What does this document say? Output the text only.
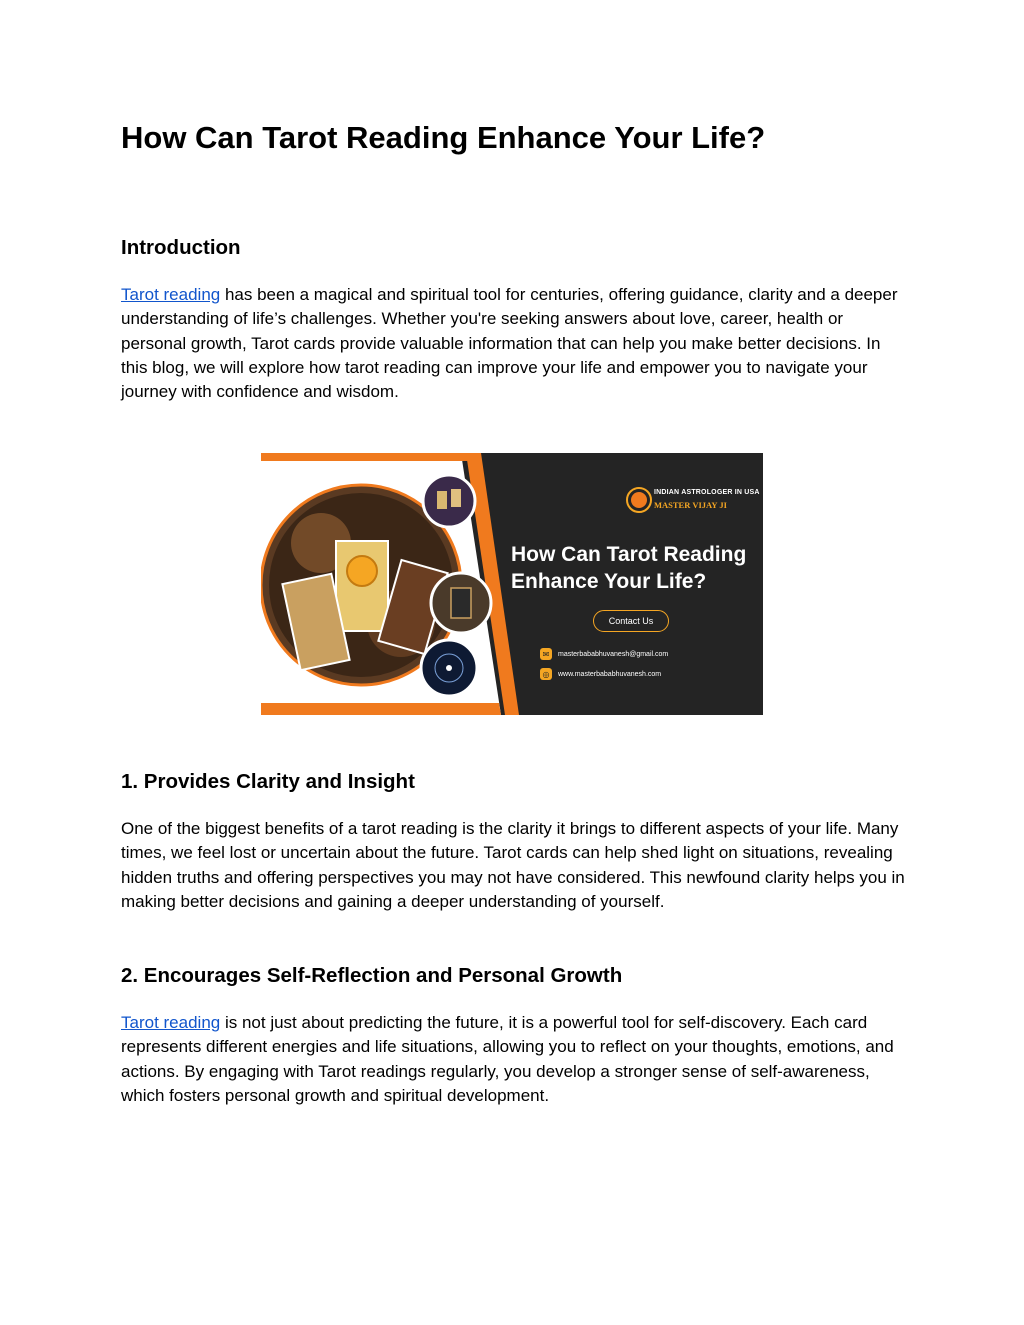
How Can Tarot Reading Enhance Your Life?
Introduction

Tarot reading has been a magical and spiritual tool for centuries, offering guidance, clarity and a deeper understanding of life’s challenges. Whether you're seeking answers about love, career, health or personal growth, Tarot cards provide valuable information that can help you make better decisions. In this blog, we will explore how tarot reading can improve your life and empower you to navigate your journey with confidence and wisdom.

1. Provides Clarity and Insight

One of the biggest benefits of a tarot reading is the clarity it brings to different aspects of your life. Many times, we feel lost or uncertain about the future. Tarot cards can help shed light on situations, revealing hidden truths and offering perspectives you may not have considered. This newfound clarity helps you in making better decisions and gaining a deeper understanding of yourself.

2. Encourages Self-Reflection and Personal Growth

Tarot reading is not just about predicting the future, it is a powerful tool for self-discovery. Each card represents different energies and life situations, allowing you to reflect on your thoughts, emotions, and actions. By engaging with Tarot readings regularly, you develop a stronger sense of self-awareness, which fosters personal growth and spiritual development.

INDIAN ASTROLOGER IN USA
MASTER VIJAY JI
How Can Tarot Reading Enhance Your Life?
Contact Us
✉	masterbababhuvanesh@gmail.com
◎	www.masterbababhuvanesh.com
